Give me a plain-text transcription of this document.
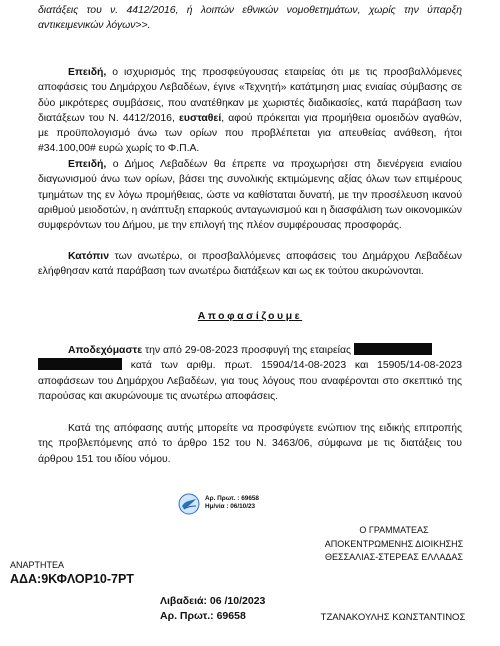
διατάξεις του ν. 4412/2016, ή λοιπών εθνικών νομοθετημάτων, χωρίς την ύπαρξη αντικειμενικών λόγων>>.
Επειδή, ο ισχυρισμός της προσφεύγουσας εταιρείας ότι με τις προσβαλλόμενες αποφάσεις του Δημάρχου Λεβαδέων, έγινε «Τεχνητή» κατάτμηση μιας ενιαίας σύμβασης σε δύο μικρότερες συμβάσεις, που ανατέθηκαν με χωριστές διαδικασίες, κατά παράβαση των διατάξεων του Ν. 4412/2016, ευσταθεί, αφού πρόκειται για προμήθεια ομοειδών αγαθών, με προϋπολογισμό άνω των ορίων που προβλέπεται για απευθείας ανάθεση, ήτοι #34.100,00# ευρώ χωρίς το Φ.Π.Α.
Επειδή, ο Δήμος Λεβαδέων θα έπρεπε να προχωρήσει στη διενέργεια ενιαίου διαγωνισμού άνω των ορίων, βάσει της συνολικής εκτιμώμενης αξίας όλων των επιμέρους τμημάτων της εν λόγω προμήθειας, ώστε να καθίσταται δυνατή, με την προσέλευση ικανού αριθμού μειοδοτών, η ανάπτυξη επαρκούς ανταγωνισμού και η διασφάλιση των οικονομικών συμφερόντων του Δήμου, με την επιλογή της πλέον συμφέρουσας προσφοράς.
Κατόπιν των ανωτέρω, οι προσβαλλόμενες αποφάσεις του Δημάρχου Λεβαδέων ελήφθησαν κατά παράβαση των ανωτέρω διατάξεων και ως εκ τούτου ακυρώνονται.
Αποφασίζουμε
Αποδεχόμαστε την από 29-08-2023 προσφυγή της εταιρείας
κατά των αριθμ. πρωτ. 15904/14-08-2023 και 15905/14-08-2023 αποφάσεων του Δημάρχου Λεβαδέων, για τους λόγους που αναφέρονται στο σκεπτικό της παρούσας και ακυρώνουμε τις ανωτέρω αποφάσεις.
Κατά της απόφασης αυτής μπορείτε να προσφύγετε ενώπιον της ειδικής επιτροπής της προβλεπόμενης από το άρθρο 152 του Ν. 3463/06, σύμφωνα με τις διατάξεις του άρθρου 151 του ιδίου νόμου.
Αρ. Πρωτ. : 69658
Ημ/νία : 06/10/23
Ο ΓΡΑΜΜΑΤΕΑΣ
ΑΠΟΚΕΝΤΡΩΜΕΝΗΣ ΔΙΟΙΚΗΣΗΣ
ΘΕΣΣΑΛΙΑΣ-ΣΤΕΡΕΑΣ ΕΛΛΑΔΑΣ
ΑΝΑΡΤΗΤΕΑ
ΑΔΑ:9ΚΦΛΟΡ10-7ΡΤ
Λιβαδειά: 06 /10/2023
Αρ. Πρωτ.: 69658	ΤΖΑΝΑΚΟΥΛΗΣ ΚΩΝΣΤΑΝΤΙΝΟΣ
